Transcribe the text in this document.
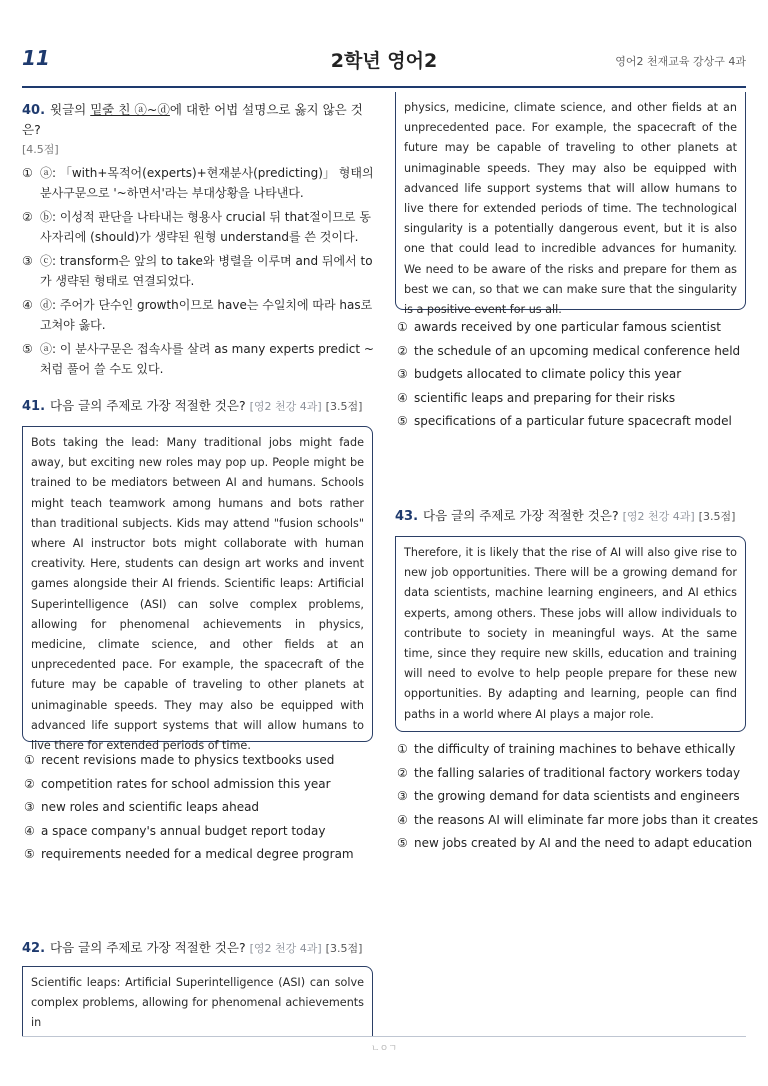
11	2학년 영어2	영어2 천재교육 강상구 4과
40. 윗글의 밑줄 친 ⓐ~ⓓ에 대한 어법 설명으로 옳지 않은 것은?
[4.5점]
① ⓐ: 「with+목적어(experts)+현재분사(predicting)」 형태의 분사구문으로 '~하면서'라는 부대상황을 나타낸다.
② ⓑ: 이성적 판단을 나타내는 형용사 crucial 뒤 that절이므로 동사자리에 (should)가 생략된 원형 understand를 쓴 것이다.
③ ⓒ: transform은 앞의 to take와 병렬을 이루며 and 뒤에서 to가 생략된 형태로 연결되었다.
④ ⓓ: 주어가 단수인 growth이므로 have는 수일치에 따라 has로 고쳐야 옳다.
⑤ ⓐ: 이 분사구문은 접속사를 살려 as many experts predict ~처럼 풀어 쓸 수도 있다.
41. 다음 글의 주제로 가장 적절한 것은? [영2 천강 4과] [3.5점]
Bots taking the lead: Many traditional jobs might fade away, but exciting new roles may pop up. People might be trained to be mediators between AI and humans. Schools might teach teamwork among humans and bots rather than traditional subjects. Kids may attend "fusion schools" where AI instructor bots might collaborate with human creativity. Here, students can design art works and invent games alongside their AI friends. Scientific leaps: Artificial Superintelligence (ASI) can solve complex problems, allowing for phenomenal achievements in physics, medicine, climate science, and other fields at an unprecedented pace. For example, the spacecraft of the future may be capable of traveling to other planets at unimaginable speeds. They may also be equipped with advanced life support systems that will allow humans to live there for extended periods of time.
① recent revisions made to physics textbooks used
② competition rates for school admission this year
③ new roles and scientific leaps ahead
④ a space company's annual budget report today
⑤ requirements needed for a medical degree program
42. 다음 글의 주제로 가장 적절한 것은? [영2 천강 4과] [3.5점]
Scientific leaps: Artificial Superintelligence (ASI) can solve complex problems, allowing for phenomenal achievements in
physics, medicine, climate science, and other fields at an unprecedented pace. For example, the spacecraft of the future may be capable of traveling to other planets at unimaginable speeds. They may also be equipped with advanced life support systems that will allow humans to live there for extended periods of time. The technological singularity is a potentially dangerous event, but it is also one that could lead to incredible advances for humanity. We need to be aware of the risks and prepare for them as best we can, so that we can make sure that the singularity is a positive event for us all.
① awards received by one particular famous scientist
② the schedule of an upcoming medical conference held
③ budgets allocated to climate policy this year
④ scientific leaps and preparing for their risks
⑤ specifications of a particular future spacecraft model
43. 다음 글의 주제로 가장 적절한 것은? [영2 천강 4과] [3.5점]
Therefore, it is likely that the rise of AI will also give rise to new job opportunities. There will be a growing demand for data scientists, machine learning engineers, and AI ethics experts, among others. These jobs will allow individuals to contribute to society in meaningful ways. At the same time, since they require new skills, education and training will need to evolve to help people prepare for these new opportunities. By adapting and learning, people can find paths in a world where AI plays a major role.
① the difficulty of training machines to behave ethically
② the falling salaries of traditional factory workers today
③ the growing demand for data scientists and engineers
④ the reasons AI will eliminate far more jobs than it creates
⑤ new jobs created by AI and the need to adapt education
ㄴㅇㄱ
